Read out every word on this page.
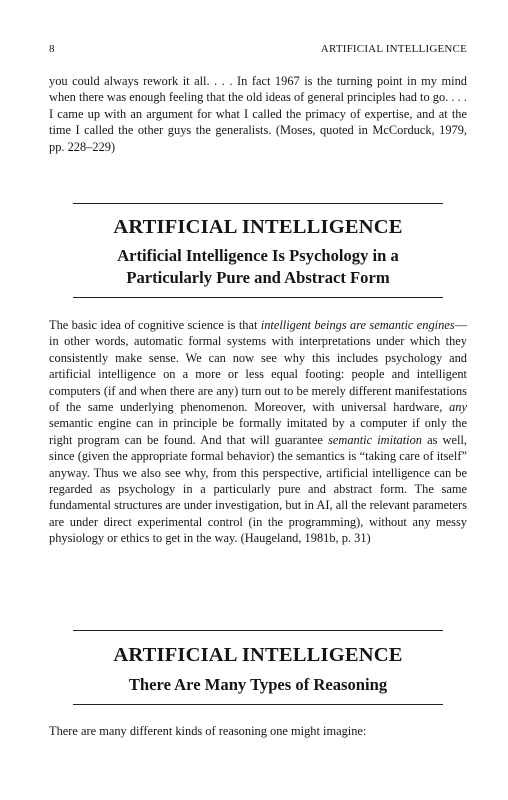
8	ARTIFICIAL INTELLIGENCE

you could always rework it all. . . . In fact 1967 is the turning point in my mind when there was enough feeling that the old ideas of general principles had to go. . . . I came up with an argument for what I called the primacy of expertise, and at the time I called the other guys the generalists. (Moses, quoted in McCorduck, 1979, pp. 228–229)

ARTIFICIAL INTELLIGENCE
Artificial Intelligence Is Psychology in a
Particularly Pure and Abstract Form

The basic idea of cognitive science is that intelligent beings are semantic engines—in other words, automatic formal systems with interpretations under which they consistently make sense. We can now see why this includes psychology and artificial intelligence on a more or less equal footing: people and intelligent computers (if and when there are any) turn out to be merely different manifestations of the same underlying phenomenon. Moreover, with universal hardware, any semantic engine can in principle be formally imitated by a computer if only the right program can be found. And that will guarantee semantic imitation as well, since (given the appropriate formal behavior) the semantics is “taking care of itself” anyway. Thus we also see why, from this perspective, artificial intelligence can be regarded as psychology in a particularly pure and abstract form. The same fundamental structures are under investigation, but in AI, all the relevant parameters are under direct experimental control (in the programming), without any messy physiology or ethics to get in the way. (Haugeland, 1981b, p. 31)

ARTIFICIAL INTELLIGENCE
There Are Many Types of Reasoning

There are many different kinds of reasoning one might imagine:
